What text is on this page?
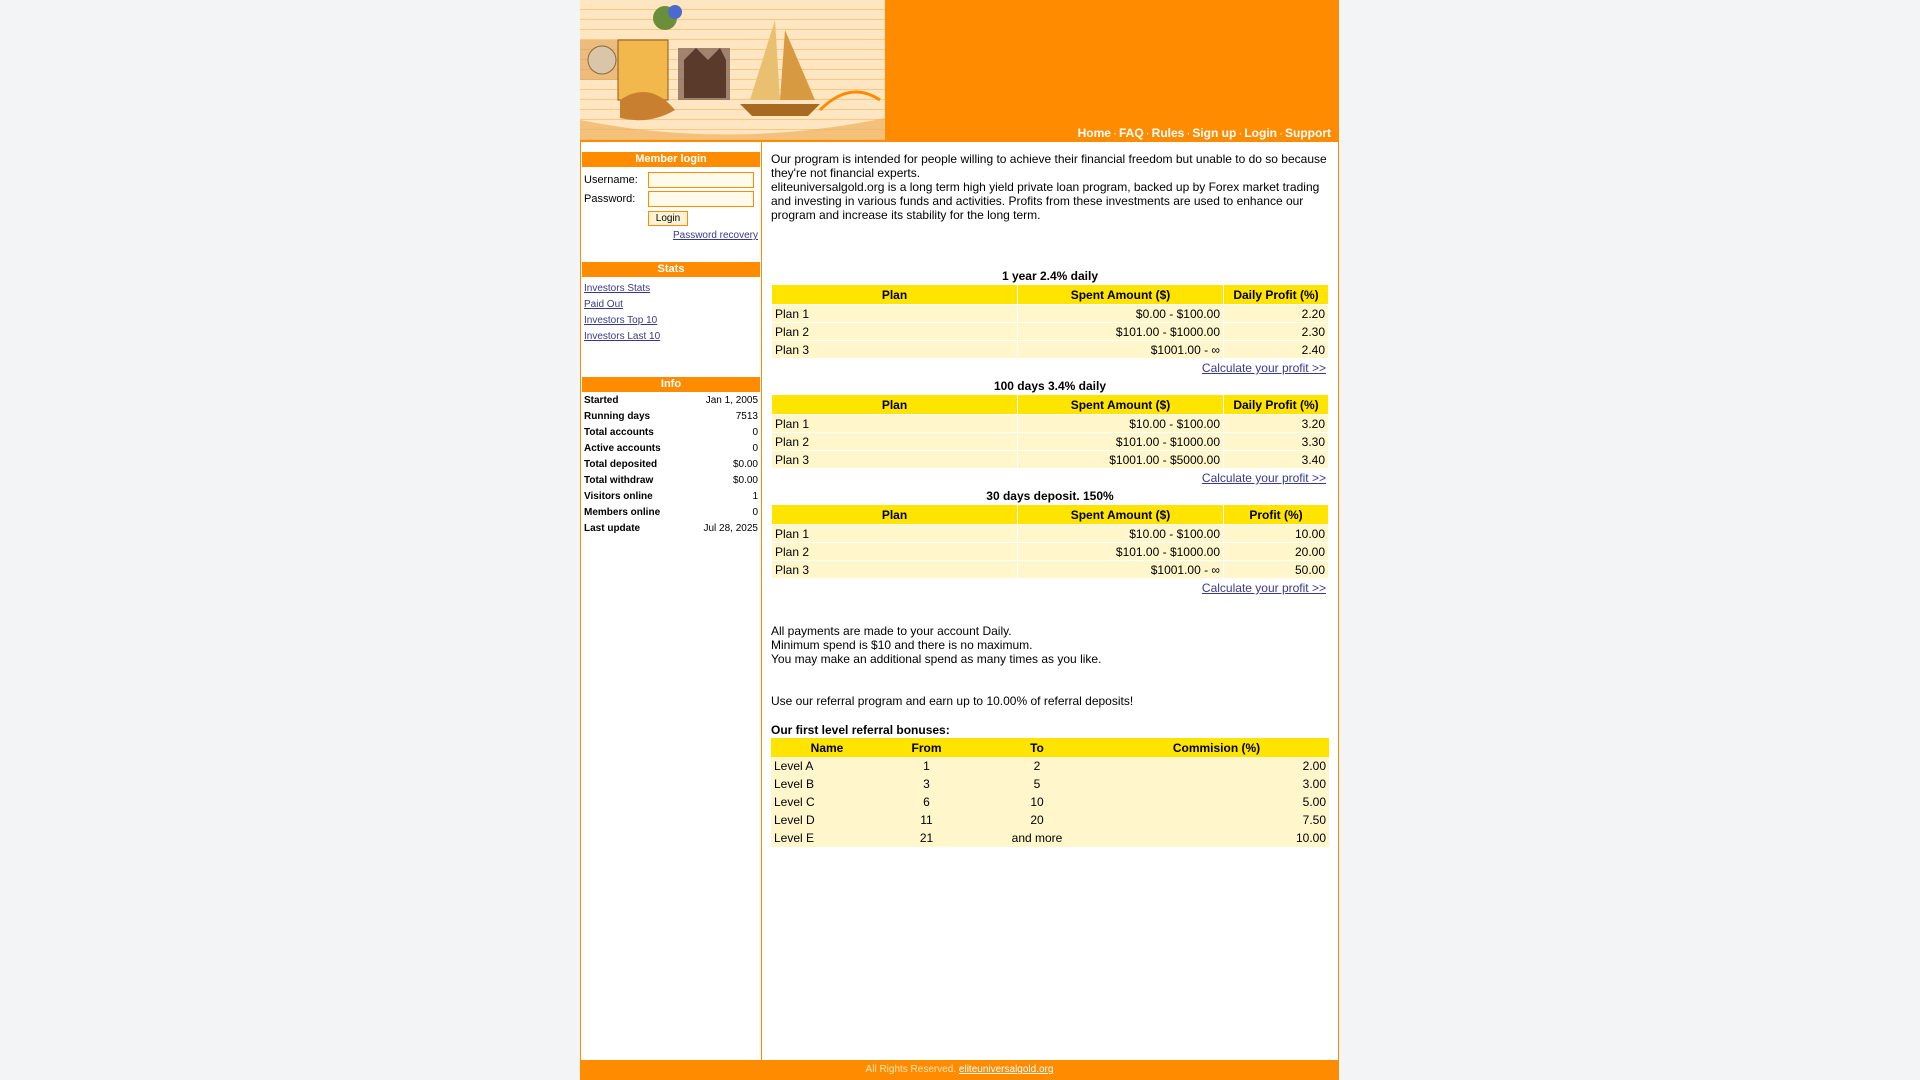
Home · FAQ · Rules · Sign up · Login · Support
Member login
Username:
Password:
Login
Password recovery
Stats
Investors Stats
Paid Out
Investors Top 10
Investors Last 10
Info
Started	Jan 1, 2005
Running days	7513
Total accounts	0
Active accounts	0
Total deposited	$0.00
Total withdraw	$0.00
Visitors online	1
Members online	0
Last update	Jul 28, 2025
Our program is intended for people willing to achieve their financial freedom but unable to do so because they're not financial experts.
eliteuniversalgold.org is a long term high yield private loan program, backed up by Forex market trading and investing in various funds and activities. Profits from these investments are used to enhance our program and increase its stability for the long term.
1 year 2.4% daily
Plan	Spent Amount ($)	Daily Profit (%)
Plan 1	$0.00 - $100.00	2.20
Plan 2	$101.00 - $1000.00	2.30
Plan 3	$1001.00 - ∞	2.40
Calculate your profit >>
100 days 3.4% daily
Plan	Spent Amount ($)	Daily Profit (%)
Plan 1	$10.00 - $100.00	3.20
Plan 2	$101.00 - $1000.00	3.30
Plan 3	$1001.00 - $5000.00	3.40
Calculate your profit >>
30 days deposit. 150%
Plan	Spent Amount ($)	Profit (%)
Plan 1	$10.00 - $100.00	10.00
Plan 2	$101.00 - $1000.00	20.00
Plan 3	$1001.00 - ∞	50.00
Calculate your profit >>
All payments are made to your account Daily.
Minimum spend is $10 and there is no maximum.
You may make an additional spend as many times as you like.
Use our referral program and earn up to 10.00% of referral deposits!
Our first level referral bonuses:
Name	From	To	Commision (%)
Level A	1	2	2.00
Level B	3	5	3.00
Level C	6	10	5.00
Level D	11	20	7.50
Level E	21	and more	10.00
All Rights Reserved. eliteuniversalgold.org
